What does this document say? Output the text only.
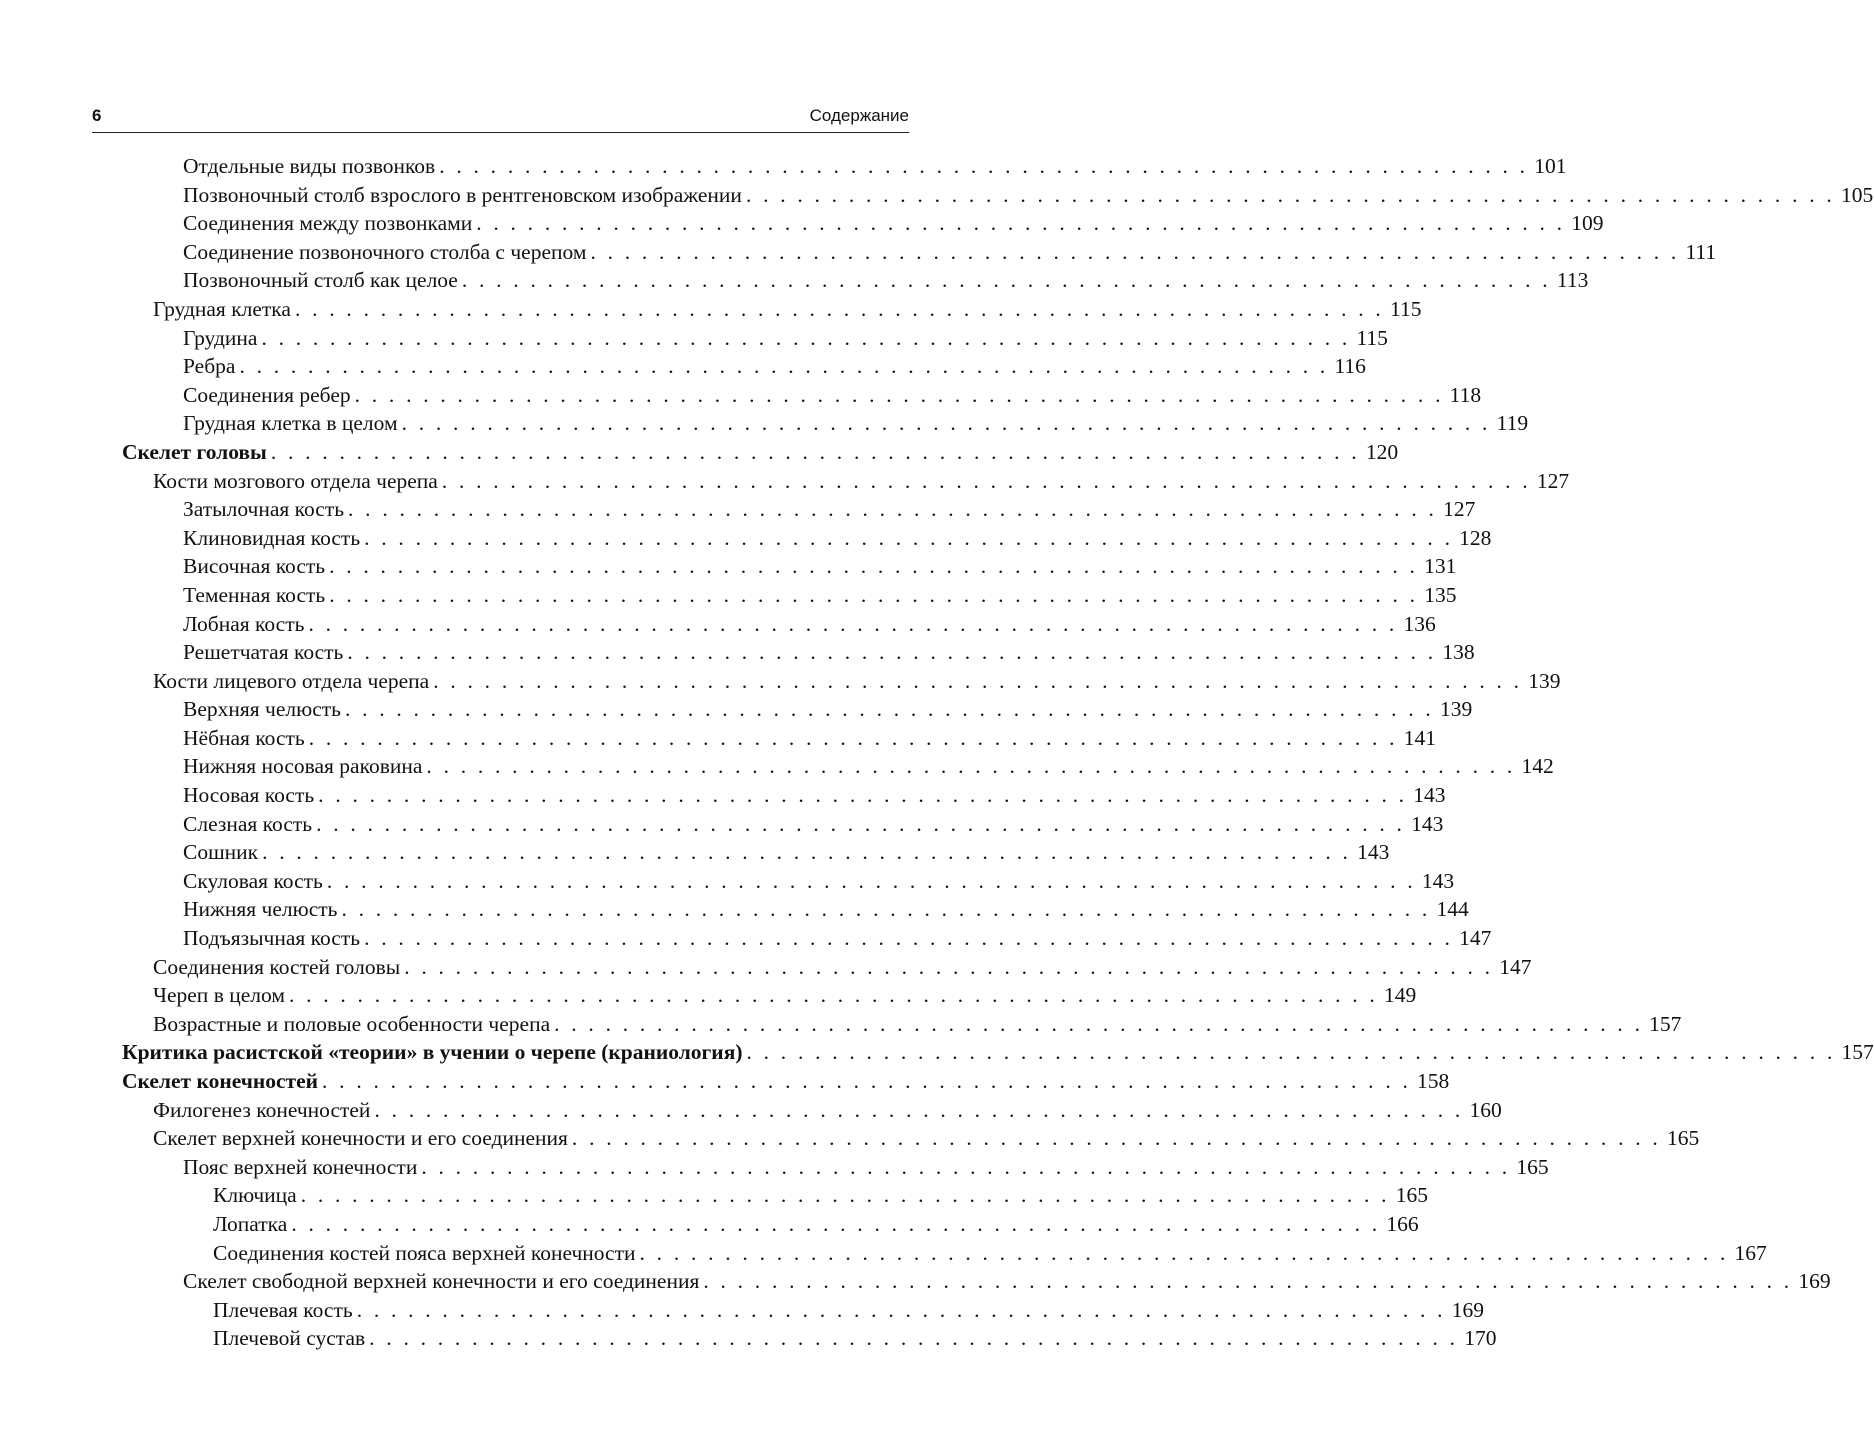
6	Содержание
Отдельные виды позвонков . . . . . . . . . . . . . . . . . . . . . . . . . . . . . . . . . . . . . . . . . . . . . . . . . . . . . . . . . . . . . . . . 101
Позвоночный столб взрослого в рентгеновском изображении . . . . . . . . . . . . . . . . . . . . . . . . . . . . . . . . . . . . . . . . . . . . . . . . . . . . . . . . . . . . . . . . 105
Соединения между позвонками . . . . . . . . . . . . . . . . . . . . . . . . . . . . . . . . . . . . . . . . . . . . . . . . . . . . . . . . . . . . . . . . 109
Соединение позвоночного столба с черепом . . . . . . . . . . . . . . . . . . . . . . . . . . . . . . . . . . . . . . . . . . . . . . . . . . . . . . . . . . . . . . . . 111
Позвоночный столб как целое . . . . . . . . . . . . . . . . . . . . . . . . . . . . . . . . . . . . . . . . . . . . . . . . . . . . . . . . . . . . . . . . 113
Грудная клетка . . . . . . . . . . . . . . . . . . . . . . . . . . . . . . . . . . . . . . . . . . . . . . . . . . . . . . . . . . . . . . . . 115
Грудина . . . . . . . . . . . . . . . . . . . . . . . . . . . . . . . . . . . . . . . . . . . . . . . . . . . . . . . . . . . . . . . . 115
Ребра . . . . . . . . . . . . . . . . . . . . . . . . . . . . . . . . . . . . . . . . . . . . . . . . . . . . . . . . . . . . . . . . 116
Соединения ребер . . . . . . . . . . . . . . . . . . . . . . . . . . . . . . . . . . . . . . . . . . . . . . . . . . . . . . . . . . . . . . . . 118
Грудная клетка в целом . . . . . . . . . . . . . . . . . . . . . . . . . . . . . . . . . . . . . . . . . . . . . . . . . . . . . . . . . . . . . . . . 119
Скелет головы . . . . . . . . . . . . . . . . . . . . . . . . . . . . . . . . . . . . . . . . . . . . . . . . . . . . . . . . . . . . . . . . 120
Кости мозгового отдела черепа . . . . . . . . . . . . . . . . . . . . . . . . . . . . . . . . . . . . . . . . . . . . . . . . . . . . . . . . . . . . . . . . 127
Затылочная кость . . . . . . . . . . . . . . . . . . . . . . . . . . . . . . . . . . . . . . . . . . . . . . . . . . . . . . . . . . . . . . . . 127
Клиновидная кость . . . . . . . . . . . . . . . . . . . . . . . . . . . . . . . . . . . . . . . . . . . . . . . . . . . . . . . . . . . . . . . . 128
Височная кость . . . . . . . . . . . . . . . . . . . . . . . . . . . . . . . . . . . . . . . . . . . . . . . . . . . . . . . . . . . . . . . . 131
Теменная кость . . . . . . . . . . . . . . . . . . . . . . . . . . . . . . . . . . . . . . . . . . . . . . . . . . . . . . . . . . . . . . . . 135
Лобная кость . . . . . . . . . . . . . . . . . . . . . . . . . . . . . . . . . . . . . . . . . . . . . . . . . . . . . . . . . . . . . . . . 136
Решетчатая кость . . . . . . . . . . . . . . . . . . . . . . . . . . . . . . . . . . . . . . . . . . . . . . . . . . . . . . . . . . . . . . . . 138
Кости лицевого отдела черепа . . . . . . . . . . . . . . . . . . . . . . . . . . . . . . . . . . . . . . . . . . . . . . . . . . . . . . . . . . . . . . . . 139
Верхняя челюсть . . . . . . . . . . . . . . . . . . . . . . . . . . . . . . . . . . . . . . . . . . . . . . . . . . . . . . . . . . . . . . . . 139
Нёбная кость . . . . . . . . . . . . . . . . . . . . . . . . . . . . . . . . . . . . . . . . . . . . . . . . . . . . . . . . . . . . . . . . 141
Нижняя носовая раковина . . . . . . . . . . . . . . . . . . . . . . . . . . . . . . . . . . . . . . . . . . . . . . . . . . . . . . . . . . . . . . . . 142
Носовая кость . . . . . . . . . . . . . . . . . . . . . . . . . . . . . . . . . . . . . . . . . . . . . . . . . . . . . . . . . . . . . . . . 143
Слезная кость . . . . . . . . . . . . . . . . . . . . . . . . . . . . . . . . . . . . . . . . . . . . . . . . . . . . . . . . . . . . . . . . 143
Сошник . . . . . . . . . . . . . . . . . . . . . . . . . . . . . . . . . . . . . . . . . . . . . . . . . . . . . . . . . . . . . . . . 143
Скуловая кость . . . . . . . . . . . . . . . . . . . . . . . . . . . . . . . . . . . . . . . . . . . . . . . . . . . . . . . . . . . . . . . . 143
Нижняя челюсть . . . . . . . . . . . . . . . . . . . . . . . . . . . . . . . . . . . . . . . . . . . . . . . . . . . . . . . . . . . . . . . . 144
Подъязычная кость . . . . . . . . . . . . . . . . . . . . . . . . . . . . . . . . . . . . . . . . . . . . . . . . . . . . . . . . . . . . . . . . 147
Соединения костей головы . . . . . . . . . . . . . . . . . . . . . . . . . . . . . . . . . . . . . . . . . . . . . . . . . . . . . . . . . . . . . . . . 147
Череп в целом . . . . . . . . . . . . . . . . . . . . . . . . . . . . . . . . . . . . . . . . . . . . . . . . . . . . . . . . . . . . . . . . 149
Возрастные и половые особенности черепа . . . . . . . . . . . . . . . . . . . . . . . . . . . . . . . . . . . . . . . . . . . . . . . . . . . . . . . . . . . . . . . . 157
Критика расистской «теории» в учении о черепе (краниология) . . . . . . . . . . . . . . . . . . . . . . . . . . . . . . . . . . . . . . . . . . . . . . . . . . . . . . . . . . . . . . . . 157
Скелет конечностей . . . . . . . . . . . . . . . . . . . . . . . . . . . . . . . . . . . . . . . . . . . . . . . . . . . . . . . . . . . . . . . . 158
Филогенез конечностей . . . . . . . . . . . . . . . . . . . . . . . . . . . . . . . . . . . . . . . . . . . . . . . . . . . . . . . . . . . . . . . . 160
Скелет верхней конечности и его соединения . . . . . . . . . . . . . . . . . . . . . . . . . . . . . . . . . . . . . . . . . . . . . . . . . . . . . . . . . . . . . . . . 165
Пояс верхней конечности . . . . . . . . . . . . . . . . . . . . . . . . . . . . . . . . . . . . . . . . . . . . . . . . . . . . . . . . . . . . . . . . 165
Ключица . . . . . . . . . . . . . . . . . . . . . . . . . . . . . . . . . . . . . . . . . . . . . . . . . . . . . . . . . . . . . . . . 165
Лопатка . . . . . . . . . . . . . . . . . . . . . . . . . . . . . . . . . . . . . . . . . . . . . . . . . . . . . . . . . . . . . . . . 166
Соединения костей пояса верхней конечности . . . . . . . . . . . . . . . . . . . . . . . . . . . . . . . . . . . . . . . . . . . . . . . . . . . . . . . . . . . . . . . . 167
Скелет свободной верхней конечности и его соединения . . . . . . . . . . . . . . . . . . . . . . . . . . . . . . . . . . . . . . . . . . . . . . . . . . . . . . . . . . . . . . . . 169
Плечевая кость . . . . . . . . . . . . . . . . . . . . . . . . . . . . . . . . . . . . . . . . . . . . . . . . . . . . . . . . . . . . . . . . 169
Плечевой сустав . . . . . . . . . . . . . . . . . . . . . . . . . . . . . . . . . . . . . . . . . . . . . . . . . . . . . . . . . . . . . . . . 170
